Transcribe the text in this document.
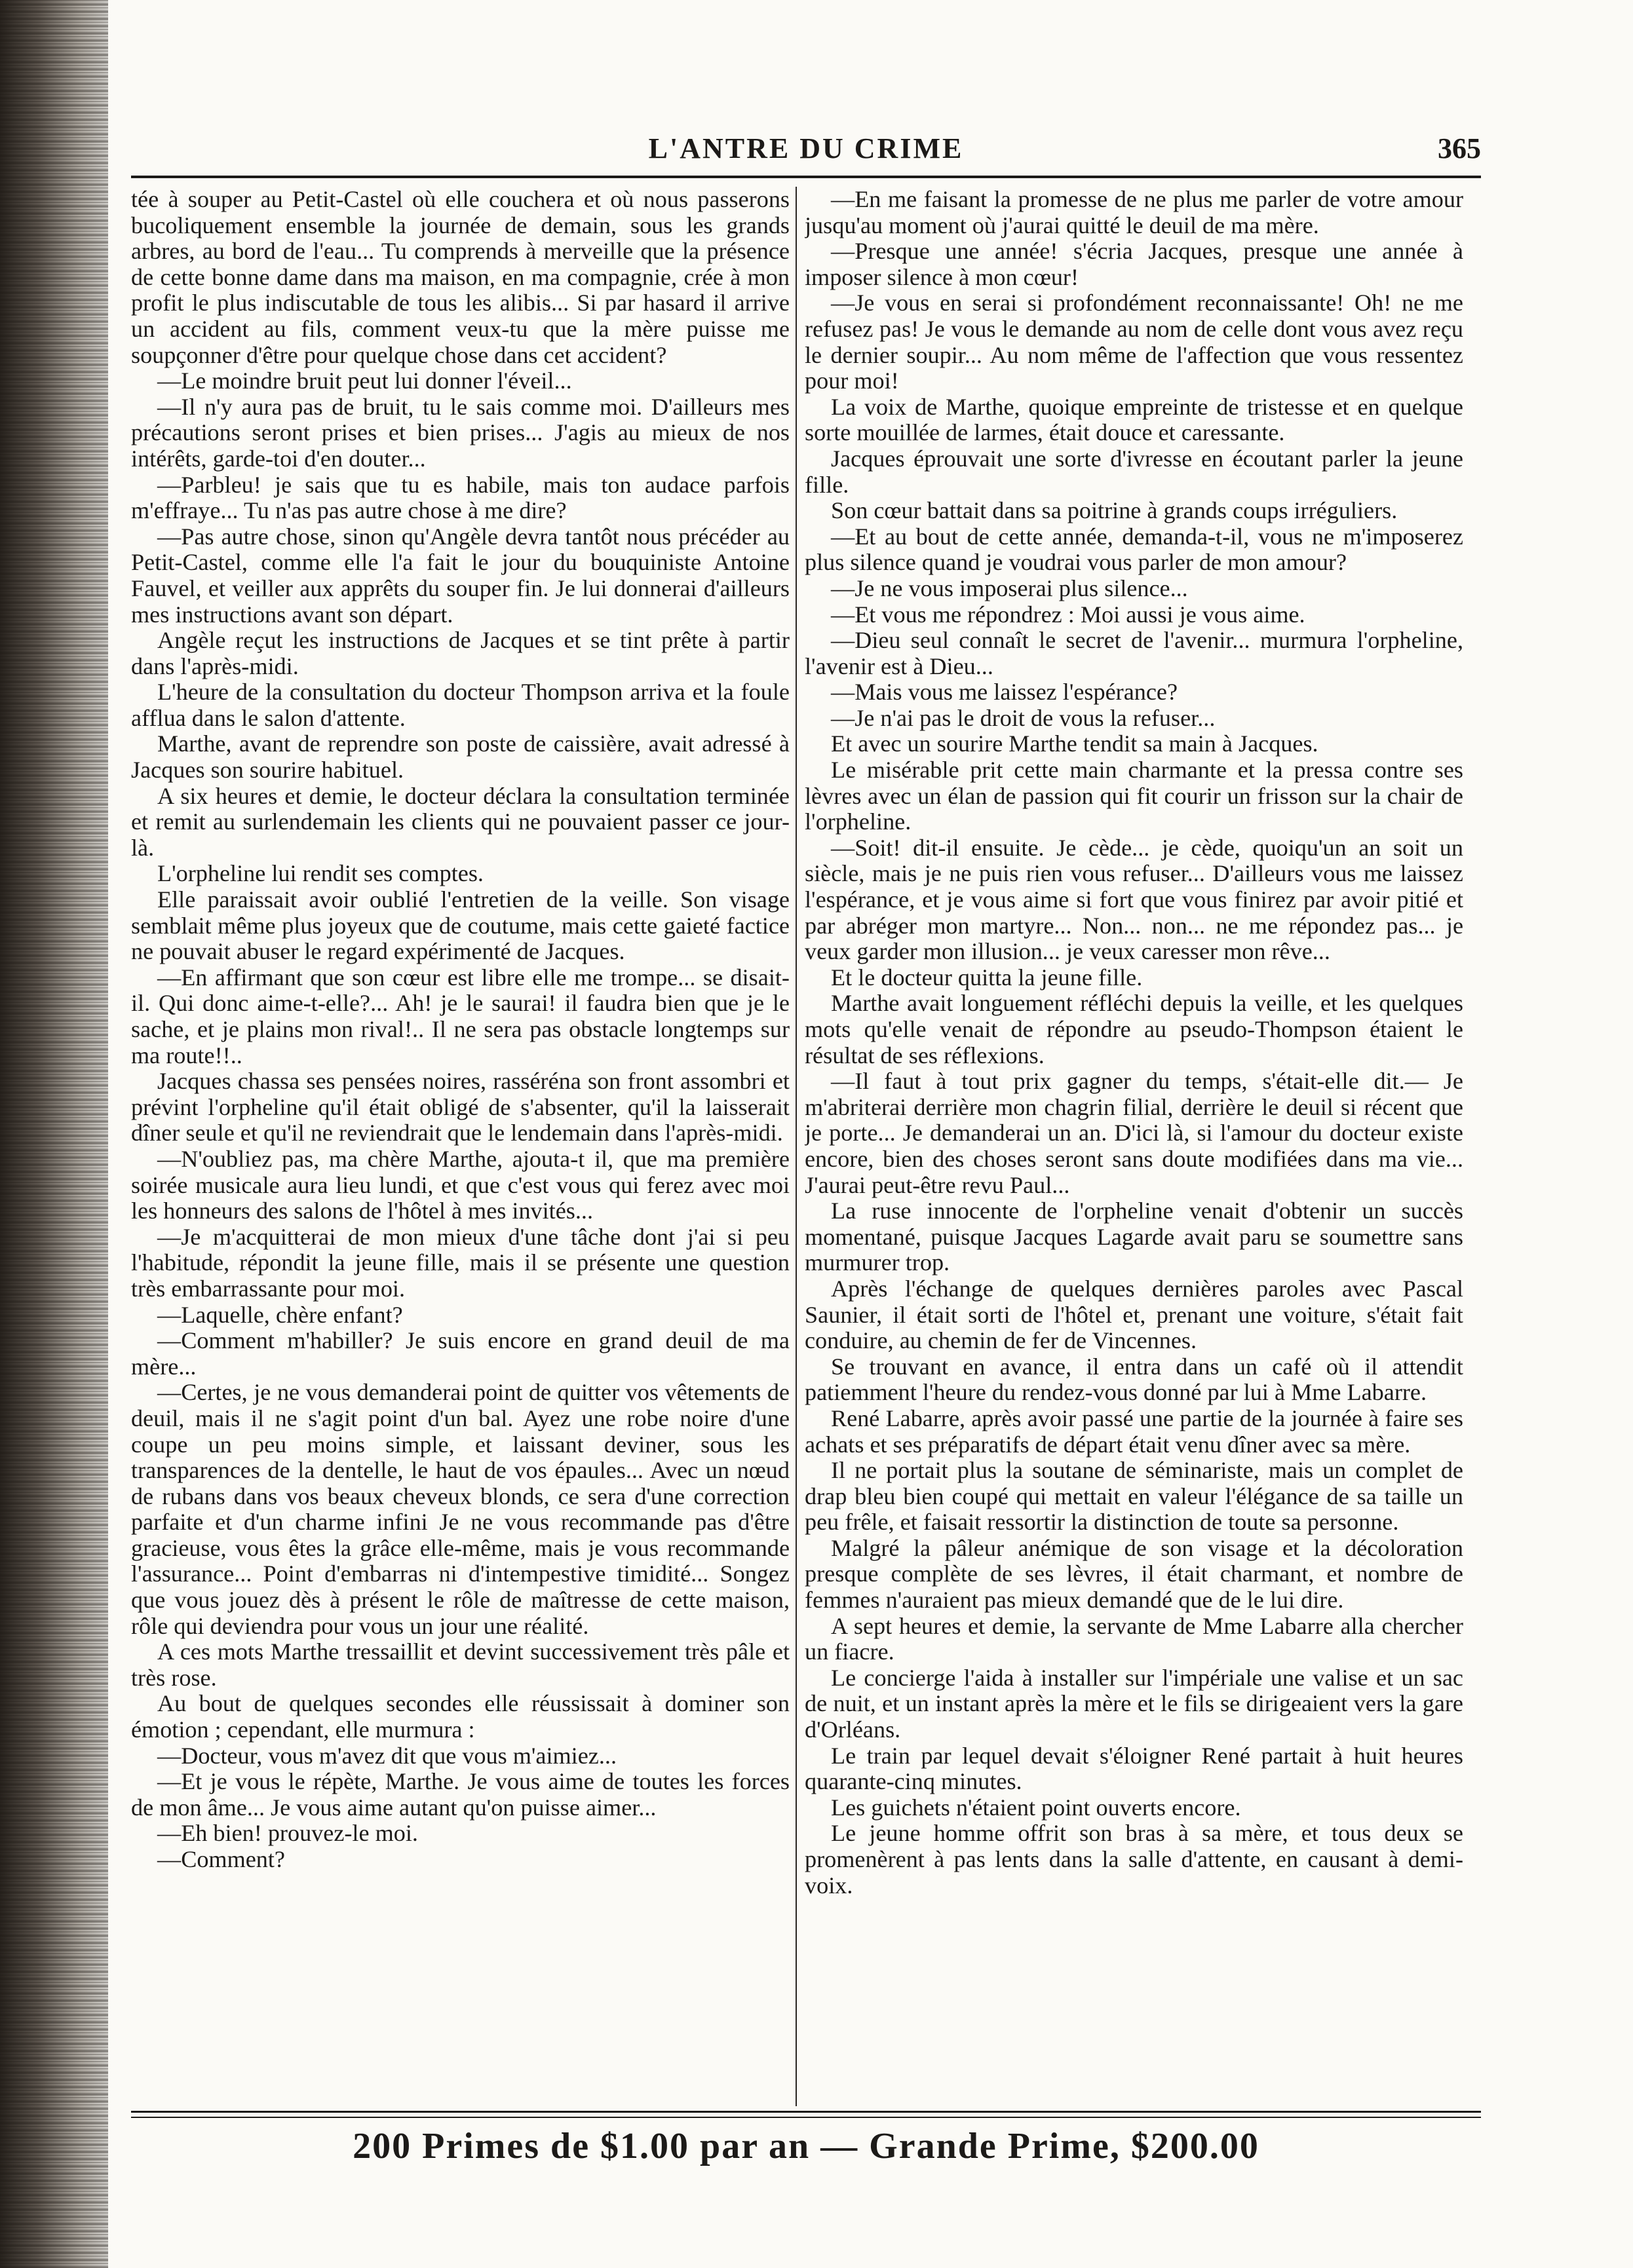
L'ANTRE DU CRIME	365

tée à souper au Petit-Castel où elle couchera et où nous passerons bucoliquement ensemble la journée de demain, sous les grands arbres, au bord de l'eau... Tu comprends à merveille que la présence de cette bonne dame dans ma maison, en ma compagnie, crée à mon profit le plus indiscutable de tous les alibis... Si par hasard il arrive un accident au fils, comment veux-tu que la mère puisse me soupçonner d'être pour quelque chose dans cet accident?

—Le moindre bruit peut lui donner l'éveil...

—Il n'y aura pas de bruit, tu le sais comme moi. D'ailleurs mes précautions seront prises et bien prises... J'agis au mieux de nos intérêts, garde-toi d'en douter...

—Parbleu! je sais que tu es habile, mais ton audace parfois m'effraye... Tu n'as pas autre chose à me dire?

—Pas autre chose, sinon qu'Angèle devra tantôt nous précéder au Petit-Castel, comme elle l'a fait le jour du bouquiniste Antoine Fauvel, et veiller aux apprêts du souper fin. Je lui donnerai d'ailleurs mes instructions avant son départ.

Angèle reçut les instructions de Jacques et se tint prête à partir dans l'après-midi.

L'heure de la consultation du docteur Thompson arriva et la foule afflua dans le salon d'attente.

Marthe, avant de reprendre son poste de caissière, avait adressé à Jacques son sourire habituel.

A six heures et demie, le docteur déclara la consultation terminée et remit au surlendemain les clients qui ne pouvaient passer ce jour-là.

L'orpheline lui rendit ses comptes.

Elle paraissait avoir oublié l'entretien de la veille. Son visage semblait même plus joyeux que de coutume, mais cette gaieté factice ne pouvait abuser le regard expérimenté de Jacques.

—En affirmant que son cœur est libre elle me trompe... se disait-il. Qui donc aime-t-elle?... Ah! je le saurai! il faudra bien que je le sache, et je plains mon rival!.. Il ne sera pas obstacle longtemps sur ma route!!..

Jacques chassa ses pensées noires, rasséréna son front assombri et prévint l'orpheline qu'il était obligé de s'absenter, qu'il la laisserait dîner seule et qu'il ne reviendrait que le lendemain dans l'après-midi.

—N'oubliez pas, ma chère Marthe, ajouta-t il, que ma première soirée musicale aura lieu lundi, et que c'est vous qui ferez avec moi les honneurs des salons de l'hôtel à mes invités...

—Je m'acquitterai de mon mieux d'une tâche dont j'ai si peu l'habitude, répondit la jeune fille, mais il se présente une question très embarrassante pour moi.

—Laquelle, chère enfant?

—Comment m'habiller? Je suis encore en grand deuil de ma mère...

—Certes, je ne vous demanderai point de quitter vos vêtements de deuil, mais il ne s'agit point d'un bal. Ayez une robe noire d'une coupe un peu moins simple, et laissant deviner, sous les transparences de la dentelle, le haut de vos épaules... Avec un nœud de rubans dans vos beaux cheveux blonds, ce sera d'une correction parfaite et d'un charme infini Je ne vous recommande pas d'être gracieuse, vous êtes la grâce elle-même, mais je vous recommande l'assurance... Point d'embarras ni d'intempestive timidité... Songez que vous jouez dès à présent le rôle de maîtresse de cette maison, rôle qui deviendra pour vous un jour une réalité.

A ces mots Marthe tressaillit et devint successivement très pâle et très rose.

Au bout de quelques secondes elle réussissait à dominer son émotion ; cependant, elle murmura :

—Docteur, vous m'avez dit que vous m'aimiez...

—Et je vous le répète, Marthe. Je vous aime de toutes les forces de mon âme... Je vous aime autant qu'on puisse aimer...

—Eh bien! prouvez-le moi.

—Comment?

—En me faisant la promesse de ne plus me parler de votre amour jusqu'au moment où j'aurai quitté le deuil de ma mère.

—Presque une année! s'écria Jacques, presque une année à imposer silence à mon cœur!

—Je vous en serai si profondément reconnaissante! Oh! ne me refusez pas! Je vous le demande au nom de celle dont vous avez reçu le dernier soupir... Au nom même de l'affection que vous ressentez pour moi!

La voix de Marthe, quoique empreinte de tristesse et en quelque sorte mouillée de larmes, était douce et caressante.

Jacques éprouvait une sorte d'ivresse en écoutant parler la jeune fille.

Son cœur battait dans sa poitrine à grands coups irréguliers.

—Et au bout de cette année, demanda-t-il, vous ne m'imposerez plus silence quand je voudrai vous parler de mon amour?

—Je ne vous imposerai plus silence...

—Et vous me répondrez : Moi aussi je vous aime.

—Dieu seul connaît le secret de l'avenir... murmura l'orpheline, l'avenir est à Dieu...

—Mais vous me laissez l'espérance?

—Je n'ai pas le droit de vous la refuser...

Et avec un sourire Marthe tendit sa main à Jacques.

Le misérable prit cette main charmante et la pressa contre ses lèvres avec un élan de passion qui fit courir un frisson sur la chair de l'orpheline.

—Soit! dit-il ensuite. Je cède... je cède, quoiqu'un an soit un siècle, mais je ne puis rien vous refuser... D'ailleurs vous me laissez l'espérance, et je vous aime si fort que vous finirez par avoir pitié et par abréger mon martyre... Non... non... ne me répondez pas... je veux garder mon illusion... je veux caresser mon rêve...

Et le docteur quitta la jeune fille.

Marthe avait longuement réfléchi depuis la veille, et les quelques mots qu'elle venait de répondre au pseudo-Thompson étaient le résultat de ses réflexions.

—Il faut à tout prix gagner du temps, s'était-elle dit.— Je m'abriterai derrière mon chagrin filial, derrière le deuil si récent que je porte... Je demanderai un an. D'ici là, si l'amour du docteur existe encore, bien des choses seront sans doute modifiées dans ma vie... J'aurai peut-être revu Paul...

La ruse innocente de l'orpheline venait d'obtenir un succès momentané, puisque Jacques Lagarde avait paru se soumettre sans murmurer trop.

Après l'échange de quelques dernières paroles avec Pascal Saunier, il était sorti de l'hôtel et, prenant une voiture, s'était fait conduire, au chemin de fer de Vincennes.

Se trouvant en avance, il entra dans un café où il attendit patiemment l'heure du rendez-vous donné par lui à Mme Labarre.

René Labarre, après avoir passé une partie de la journée à faire ses achats et ses préparatifs de départ était venu dîner avec sa mère.

Il ne portait plus la soutane de séminariste, mais un complet de drap bleu bien coupé qui mettait en valeur l'élégance de sa taille un peu frêle, et faisait ressortir la distinction de toute sa personne.

Malgré la pâleur anémique de son visage et la décoloration presque complète de ses lèvres, il était charmant, et nombre de femmes n'auraient pas mieux demandé que de le lui dire.

A sept heures et demie, la servante de Mme Labarre alla chercher un fiacre.

Le concierge l'aida à installer sur l'impériale une valise et un sac de nuit, et un instant après la mère et le fils se dirigeaient vers la gare d'Orléans.

Le train par lequel devait s'éloigner René partait à huit heures quarante-cinq minutes.

Les guichets n'étaient point ouverts encore.

Le jeune homme offrit son bras à sa mère, et tous deux se promenèrent à pas lents dans la salle d'attente, en causant à demi-voix.

200 Primes de $1.00 par an — Grande Prime, $200.00
